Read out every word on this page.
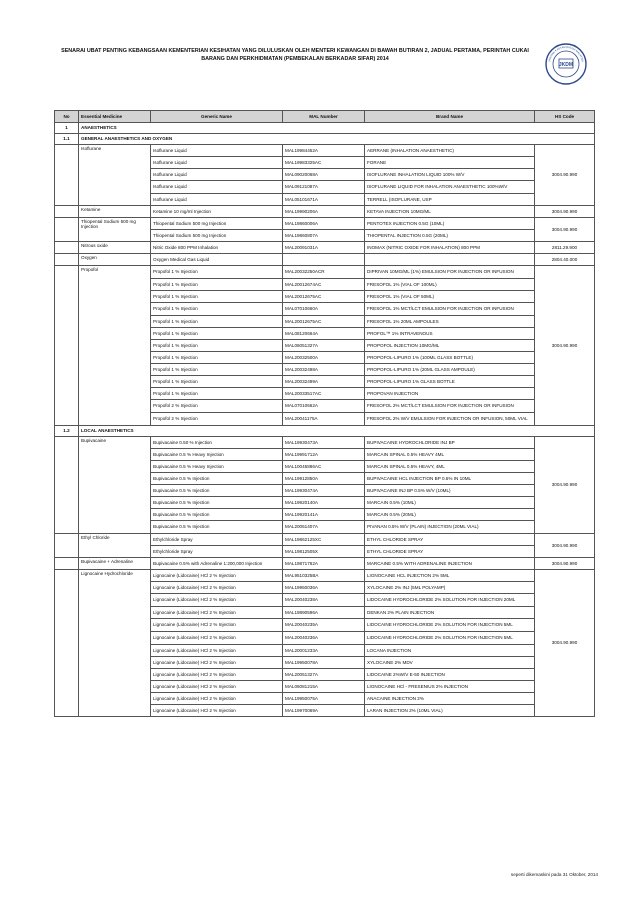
SENARAI UBAT PENTING KEBANGSAAN KEMENTERIAN KESIHATAN YANG DILULUSKAN OLEH MENTERI KEWANGAN DI BAWAH BUTIRAN 2, JADUAL PERTAMA, PERINTAH CUKAI BARANG DAN PERKHIDMATAN (PEMBEKALAN BERKADAR SIFAR) 2014
JKDM
JABATAN KASTAM DIRAJA MALAYSIA
No	Essential Medicine	Generic Name	MAL Number	Brand Name	HS Code
1	ANAESTHETICS				
1.1	GENERAL ANAESTHETICS AND OXYGEN				
	Isoflurane	Isoflurane Liquid	MAL19984452A	AERRANE (INHALATION ANAESTHETIC)	3004.90.990
		Isoflurane Liquid	MAL19983325AC	FORANE	
		Isoflurane Liquid	MAL09020068A	ISOFLURANE INHALATION LIQUID 100% W/V	
		Isoflurane Liquid	MAL09121087A	ISOFLURANE LIQUID FOR INHALATION ANAESTHETIC 100%W/V	
		Isoflurane Liquid	MAL05101671A	TERRELL (ISOFLURANE, USP	
	Ketamine	Ketamine 10 mg/ml Injection	MAL19990206A	KETAVA INJECTION 10MG/ML	3004.90.990
	Thiopental Sodium 500 mg Injection	Thiopental Sodium 500 mg Injection	MAL19860006A	PENTOTEX INJECTION 0.5G (10ML)	3004.90.990
		Thiopental Sodium 500 mg Injection	MAL19860807A	THIOPENTAL INJECTION 0.5G (20ML)	
	Nitrous oxide	Nitric Oxide 800 PPM Inhalation	MAL20091031A	INOMAX (NITRIC OXIDE FOR INHALATION) 800 PPM	2811.29.900
	Oxygen	Oxygen Medical Gas Liquid			2804.40.000
	Propofol	Propofol 1 % Injection	MAL20032250ACR	DIPRIVAN 10MG/ML (1%) EMULSION FOR INJECTION OR INFUSION	3004.90.990
		Propofol 1 % Injection	MAL20012674AC	FRESOFOL 1% (VIAL OF 100ML)	
		Propofol 1 % Injection	MAL20012675AC	FRESOFOL 1% (VIAL OF 50ML)	
		Propofol 1 % Injection	MAL07010660A	FRESOFOL 1% MCT/LCT EMULSION FOR INJECTION OR INFUSION	
		Propofol 1 % Injection	MAL20012675AC	FRESOFOL 1% 20ML AMPOULES	
		Propofol 1 % Injection	MAL08120664A	PROFOL™ 1% INTRAVENOUS	
		Propofol 1 % Injection	MAL06051327A	PROPOFOL INJECTION 10MG/ML	
		Propofol 1 % Injection	MAL20032500A	PROPOFOL-LIPURO 1% (100ML GLASS BOTTLE)	
		Propofol 1 % Injection	MAL20032498A	PROPOFOL-LIPURO 1% (20ML GLASS AMPOULE)	
		Propofol 1 % Injection	MAL20032499A	PROPOFOL-LIPURO 1% GLASS BOTTLE	
		Propofol 1 % Injection	MAL20033517AC	PROPOVAN INJECTION	
		Propofol 2 % Injection	MAL07010662A	FRESOFOL 2% MCT/LCT EMULSION FOR INJECTION OR INFUSION	
		Propofol 2 % Injection	MAL20041175A	FRESOFOL 2% W/V EMULSION FOR INJECTION OR INFUSION, 50ML VIAL	
1.2	LOCAL ANAESTHETICS				
	Bupivacaine	Bupivacaine 0.50 % Injection	MAL19930473A	BUPIVACAINE HYDROCHLORIDE INJ BP	3004.90.990
		Bupivacaine 0.5 % Heavy Injection	MAL19991712A	MARCAIN SPINAL 0.5% HEAVY 4ML	
		Bupivacaine 0.5 % Heavy Injection	MAL10045886AC	MARCAIN SPINAL 0.5% HEAVY, 4ML	
		Bupivacaine 0.5 % Injection	MAL19912850A	BUPIVACAINE HCL INJECTION BP 0.5% IN 10ML	
		Bupivacaine 0.5 % Injection	MAL19930474A	BUPIVACAINE INJ BP 0.5% W/V (10ML)	
		Bupivacaine 0.5 % Injection	MAL19920140A	MARCAIN 0.5% (10ML)	
		Bupivacaine 0.5 % Injection	MAL19920141A	MARCAIN 0.5% (20ML)	
		Bupivacaine 0.5 % Injection	MAL20051407A	PIVANAN 0.5% W/V (PLAIN) INJECTION (20ML VIAL)	
	Ethyl Chloride	Ethylchloride Spray	MAL19862125XC	ETHYL CHLORIDE SPRAY	3004.90.990
		Ethylchloride Spray	MAL19812505X	ETHYL CHLORIDE SPRAY	
	Bupivacaine + Adrenaline	Bupivacaine 0.5% with Adrenaline 1:200,000 Injection	MAL19871762A	MARCAINE 0.5% WITH ADRENALINE INJECTION	3004.90.990
	Lignocaine Hydrochloride	Lignocaine (Lidocaine) HCl 2 % Injection	MAL9510325BA	LIGNOCAINE HCL INJECTION 2% 5ML	3004.90.990
		Lignocaine (Lidocaine) HCl 2 % Injection	MAL19950036A	XYLOCAINE 2% INJ (5ML POLYAMP)	
		Lignocaine (Lidocaine) HCl 2 % Injection	MAL20040238A	LIDOCAINE HYDROCHLORIDE 2% SOLUTION FOR INJECTION 20ML	
		Lignocaine (Lidocaine) HCl 2 % Injection	MAL19890596A	DENKAN 2% PLAIN INJECTION	
		Lignocaine (Lidocaine) HCl 2 % Injection	MAL20040235A	LIDOCAINE HYDROCHLORIDE 2% SOLUTION FOR INJECTION 5ML	
		Lignocaine (Lidocaine) HCl 2 % Injection	MAL20040236A	LIDOCAINE HYDROCHLORIDE 2% SOLUTION FOR INJECTION 5ML	
		Lignocaine (Lidocaine) HCl 2 % Injection	MAL20001233A	LOCANA INJECTION	
		Lignocaine (Lidocaine) HCl 2 % Injection	MAL19950078A	XYLOCAINE 2% MDV	
		Lignocaine (Lidocaine) HCl 2 % Injection	MAL20051327A	LIDOCAINE 2%W/V E-50 INJECTION	
		Lignocaine (Lidocaine) HCl 2 % Injection	MAL06081215A	LIGNOCAINE HCl - FRESENIUS 2% INJECTION	
		Lignocaine (Lidocaine) HCl 2 % Injection	MAL19950075A	ANACAINE INJECTION 2%	
		Lignocaine (Lidocaine) HCl 2 % Injection	MAL19970069A	LARAN INJECTION 2% (10ML VIAL)	
seperti dikemaskini pada 31 Oktober, 2014
